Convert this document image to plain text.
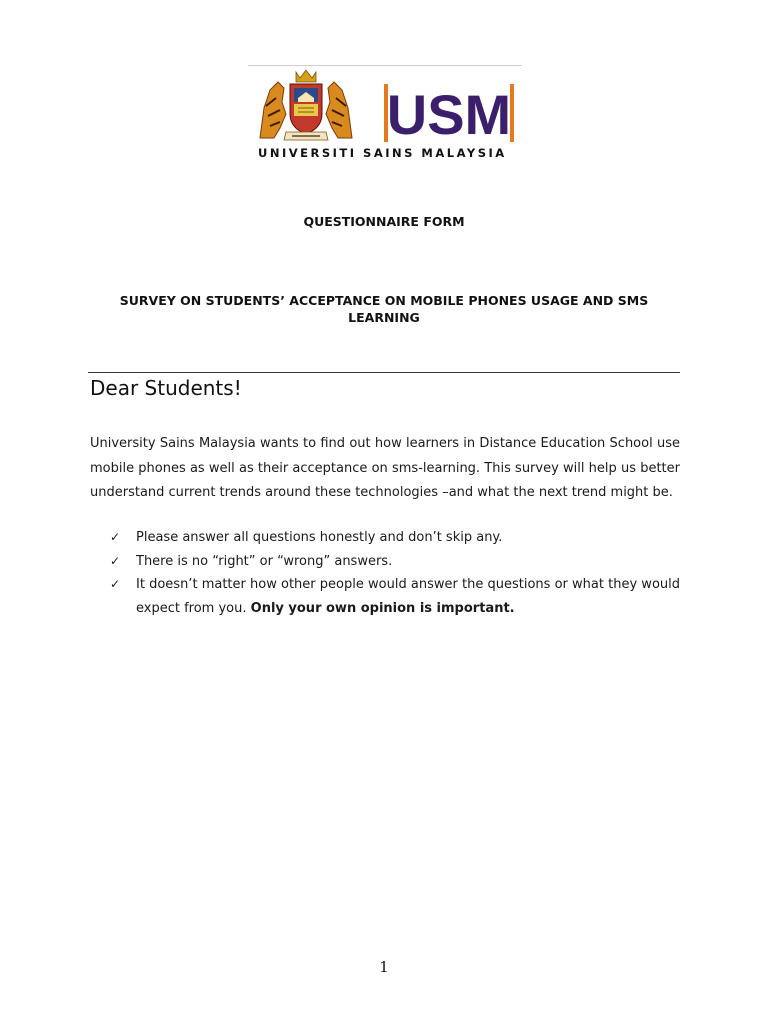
USM
UNIVERSITI SAINS MALAYSIA
QUESTIONNAIRE FORM
SURVEY ON STUDENTS’ ACCEPTANCE ON MOBILE PHONES USAGE AND SMS LEARNING
Dear Students!
University Sains Malaysia wants to find out how learners in Distance Education School use mobile phones as well as their acceptance on sms-learning. This survey will help us better understand current trends around these technologies –and what the next trend might be.
✓ Please answer all questions honestly and don’t skip any.
✓ There is no “right” or “wrong” answers.
✓ It doesn’t matter how other people would answer the questions or what they would expect from you. Only your own opinion is important.
1
